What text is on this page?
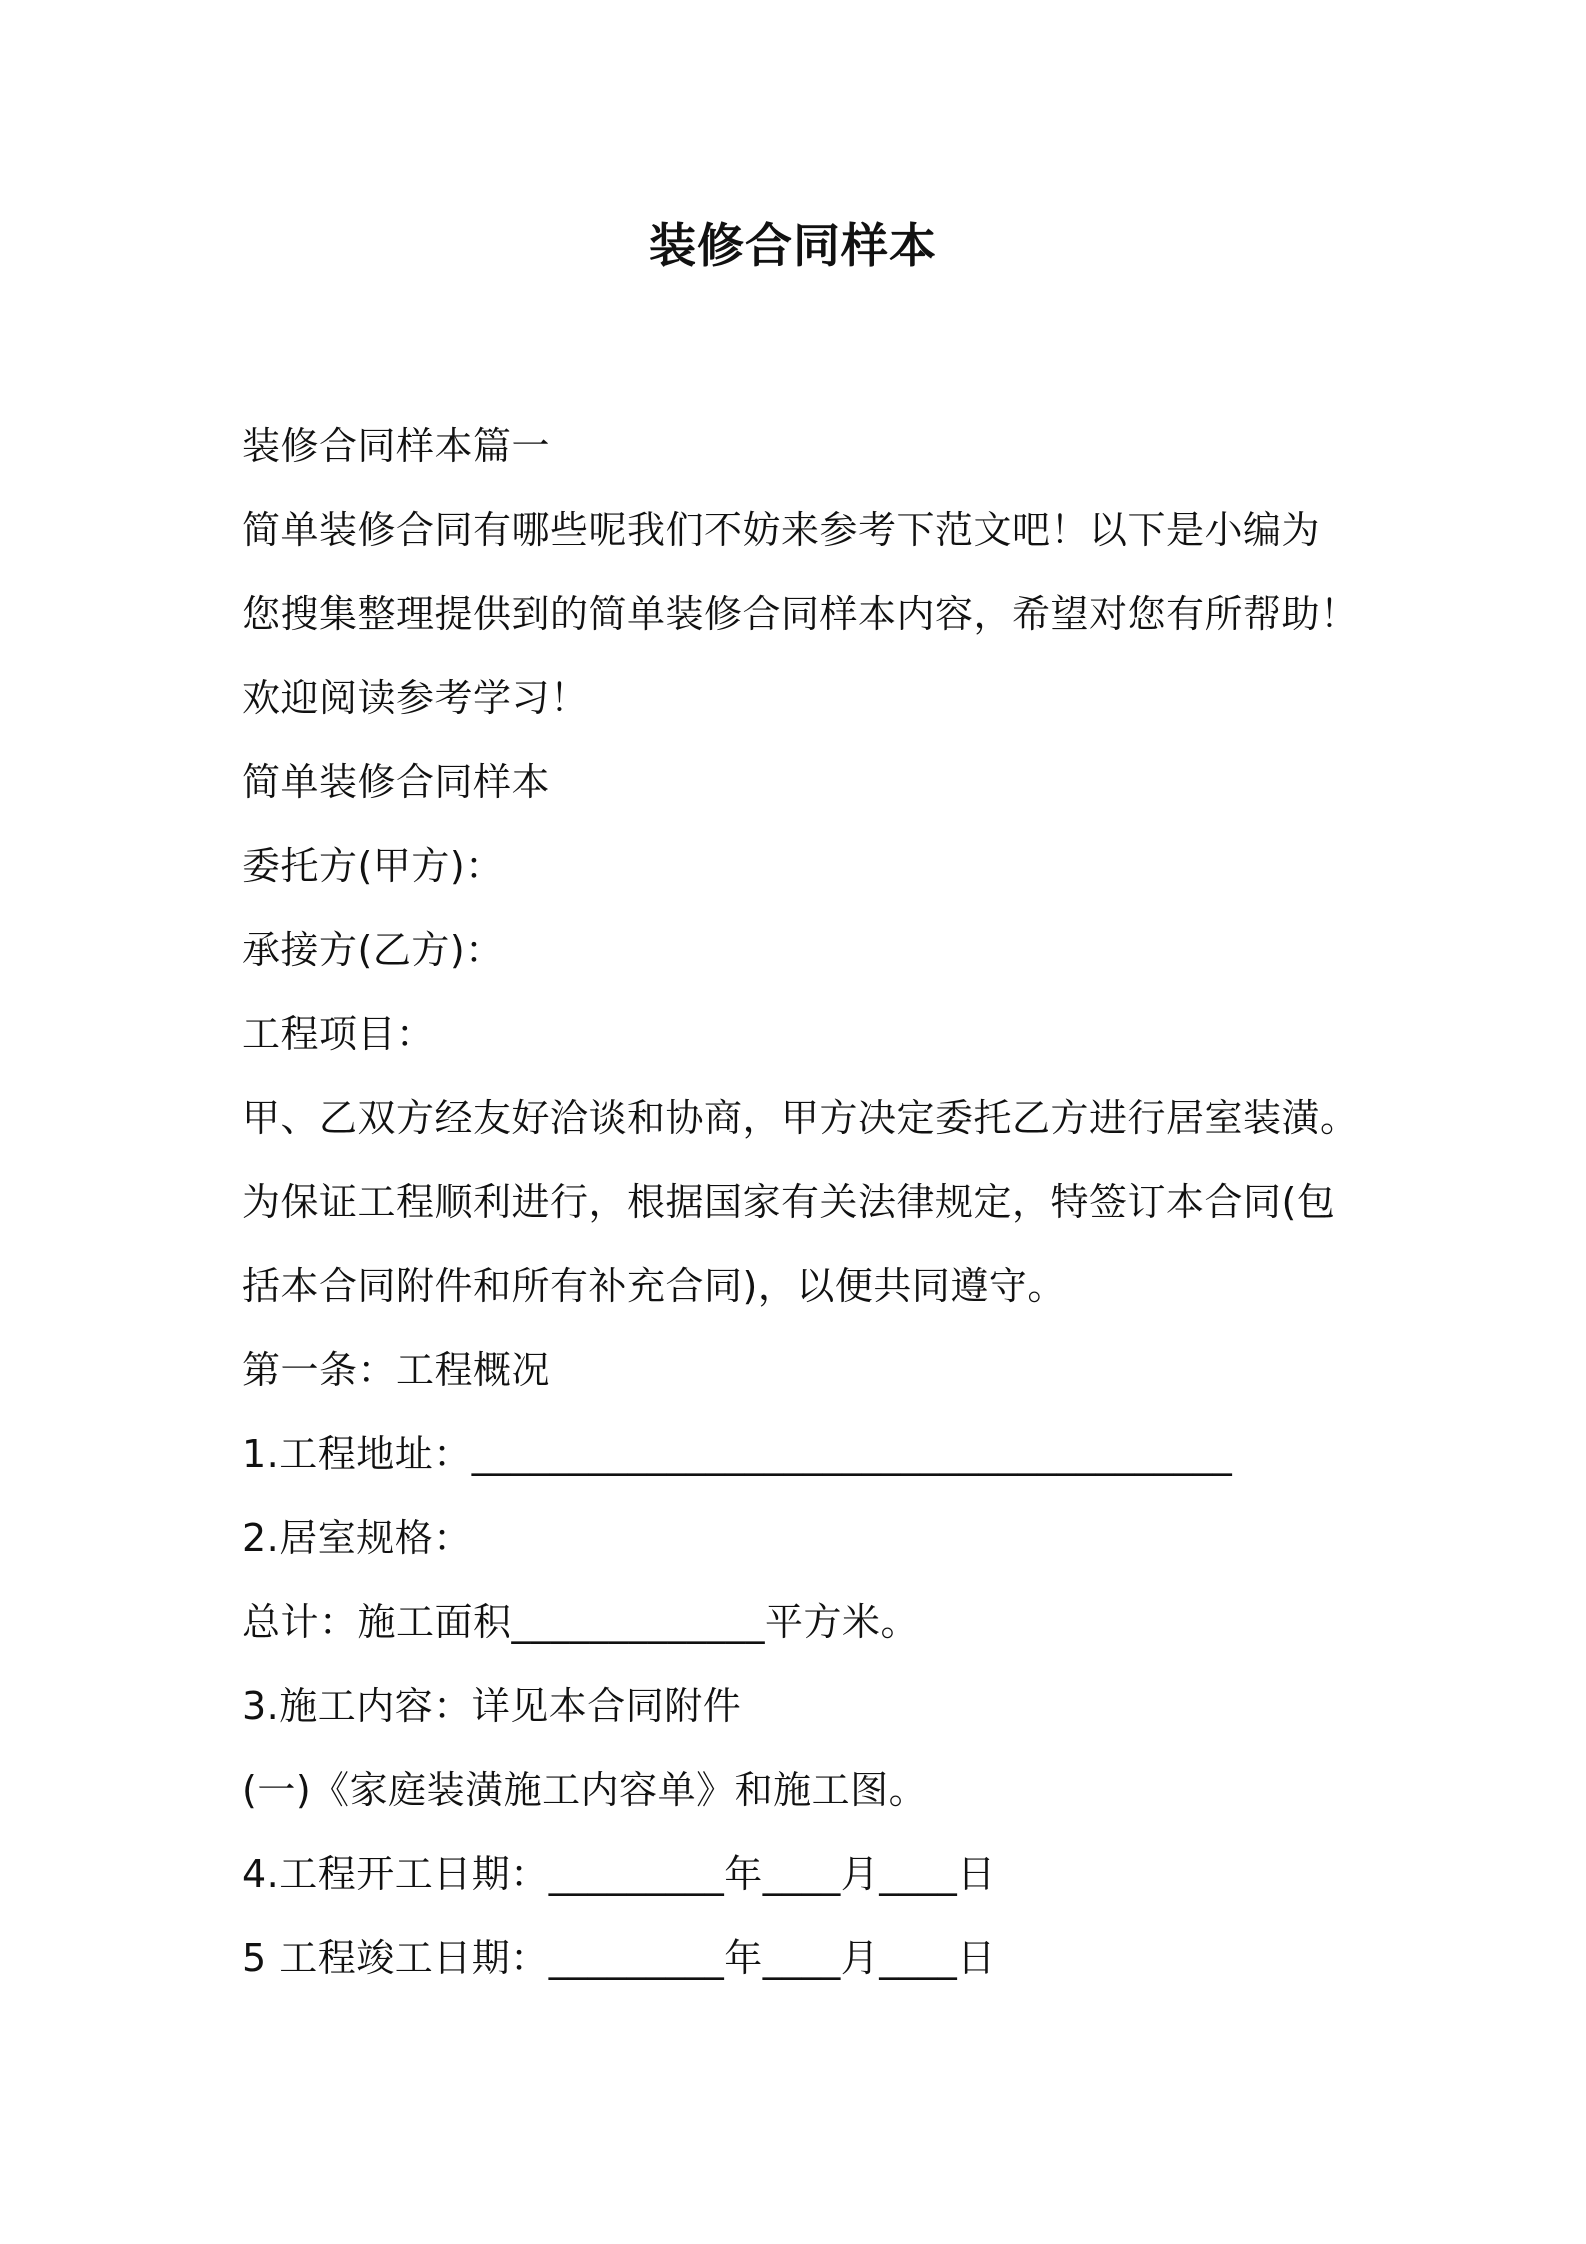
装修合同样本
装修合同样本篇一
简单装修合同有哪些呢我们不妨来参考下范文吧！以下是小编为
您搜集整理提供到的简单装修合同样本内容，希望对您有所帮助！
欢迎阅读参考学习！
简单装修合同样本
委托方(甲方)：
承接方(乙方)：
工程项目：
甲、乙双方经友好洽谈和协商，甲方决定委托乙方进行居室装潢。
为保证工程顺利进行，根据国家有关法律规定，特签订本合同(包
括本合同附件和所有补充合同)，以便共同遵守。
第一条：工程概况
1.工程地址：_______________________________________
2.居室规格：
总计：施工面积_____________平方米。
3.施工内容：详见本合同附件
(一)《家庭装潢施工内容单》和施工图。
4.工程开工日期：_________年____月____日
5 工程竣工日期：_________年____月____日
